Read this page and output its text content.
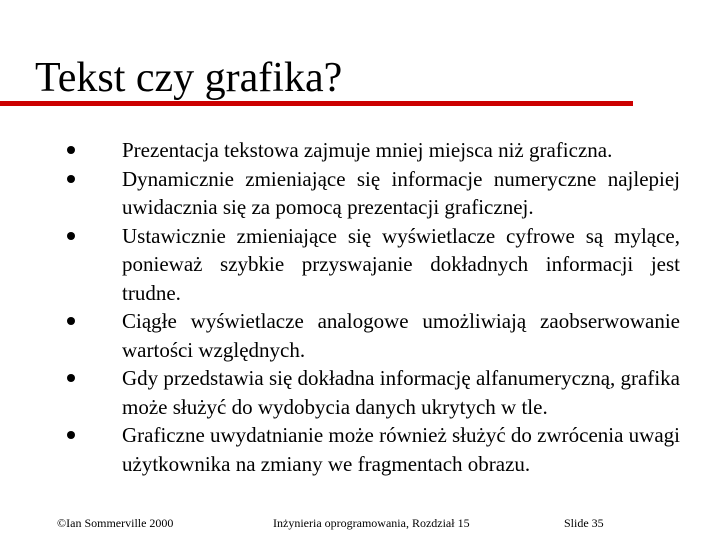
Tekst czy grafika?
Prezentacja tekstowa zajmuje mniej miejsca niż graficzna.
Dynamicznie zmieniające się informacje numeryczne najlepiej uwidacznia się za pomocą prezentacji graficznej.
Ustawicznie zmieniające się wyświetlacze cyfrowe są mylące, ponieważ szybkie przyswajanie dokładnych informacji jest trudne.
Ciągłe wyświetlacze analogowe umożliwiają zaobserwowanie wartości względnych.
Gdy przedstawia się dokładna informację alfanumeryczną, grafika może służyć do wydobycia danych ukrytych w tle.
Graficzne uwydatnianie może również służyć do zwrócenia uwagi użytkownika na zmiany we fragmentach obrazu.
©Ian Sommerville 2000	Inżynieria oprogramowania, Rozdział 15	Slide 35
